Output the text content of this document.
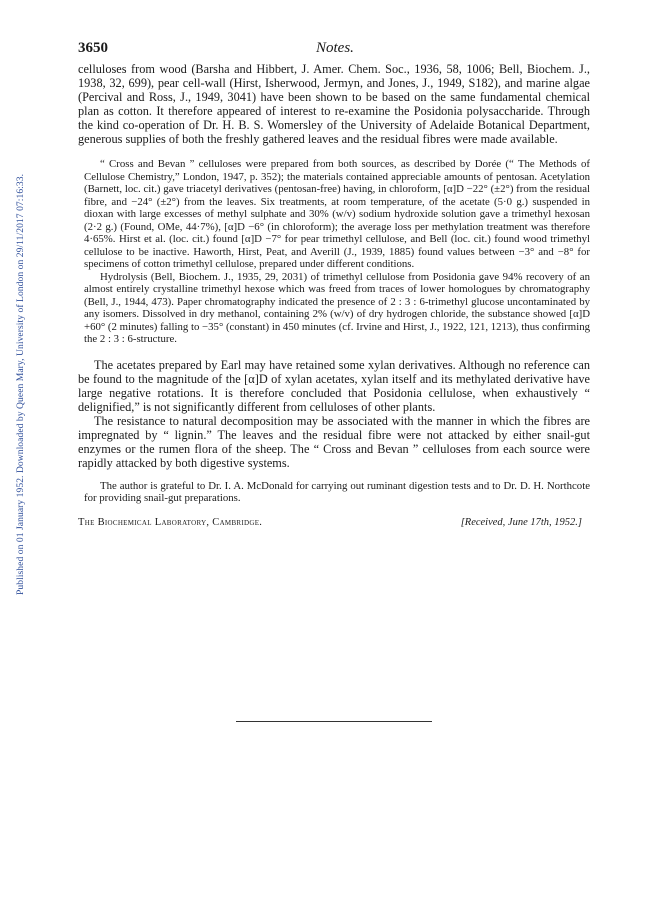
Published on 01 January 1952. Downloaded by Queen Mary, University of London on 29/11/2017 07:16:33.
3650	Notes.

celluloses from wood (Barsha and Hibbert, J. Amer. Chem. Soc., 1936, 58, 1006; Bell, Biochem. J., 1938, 32, 699), pear cell-wall (Hirst, Isherwood, Jermyn, and Jones, J., 1949, S182), and marine algae (Percival and Ross, J., 1949, 3041) have been shown to be based on the same fundamental chemical plan as cotton. It therefore appeared of interest to re-examine the Posidonia polysaccharide. Through the kind co-operation of Dr. H. B. S. Womersley of the University of Adelaide Botanical Department, generous supplies of both the freshly gathered leaves and the residual fibres were made available.

“ Cross and Bevan ” celluloses were prepared from both sources, as described by Dorée (“ The Methods of Cellulose Chemistry,” London, 1947, p. 352); the materials contained appreciable amounts of pentosan. Acetylation (Barnett, loc. cit.) gave triacetyl derivatives (pentosan-free) having, in chloroform, [α]D −22° (±2°) from the residual fibre, and −24° (±2°) from the leaves. Six treatments, at room temperature, of the acetate (5·0 g.) suspended in dioxan with large excesses of methyl sulphate and 30% (w/v) sodium hydroxide solution gave a trimethyl hexosan (2·2 g.) (Found, OMe, 44·7%), [α]D −6° (in chloroform); the average loss per methylation treatment was therefore 4·65%. Hirst et al. (loc. cit.) found [α]D −7° for pear trimethyl cellulose, and Bell (loc. cit.) found wood trimethyl cellulose to be inactive. Haworth, Hirst, Peat, and Averill (J., 1939, 1885) found values between −3° and −8° for specimens of cotton trimethyl cellulose, prepared under different conditions.

Hydrolysis (Bell, Biochem. J., 1935, 29, 2031) of trimethyl cellulose from Posidonia gave 94% recovery of an almost entirely crystalline trimethyl hexose which was freed from traces of lower homologues by chromatography (Bell, J., 1944, 473). Paper chromatography indicated the presence of 2 : 3 : 6-trimethyl glucose uncontaminated by any isomers. Dissolved in dry methanol, containing 2% (w/v) of dry hydrogen chloride, the substance showed [α]D +60° (2 minutes) falling to −35° (constant) in 450 minutes (cf. Irvine and Hirst, J., 1922, 121, 1213), thus confirming the 2 : 3 : 6-structure.

The acetates prepared by Earl may have retained some xylan derivatives. Although no reference can be found to the magnitude of the [α]D of xylan acetates, xylan itself and its methylated derivative have large negative rotations. It is therefore concluded that Posidonia cellulose, when exhaustively “ delignified,” is not significantly different from celluloses of other plants.

The resistance to natural decomposition may be associated with the manner in which the fibres are impregnated by “ lignin.” The leaves and the residual fibre were not attacked by either snail-gut enzymes or the rumen flora of the sheep. The “ Cross and Bevan ” celluloses from each source were rapidly attacked by both digestive systems.

The author is grateful to Dr. I. A. McDonald for carrying out ruminant digestion tests and to Dr. D. H. Northcote for providing snail-gut preparations.

The Biochemical Laboratory, Cambridge.	[Received, June 17th, 1952.]
